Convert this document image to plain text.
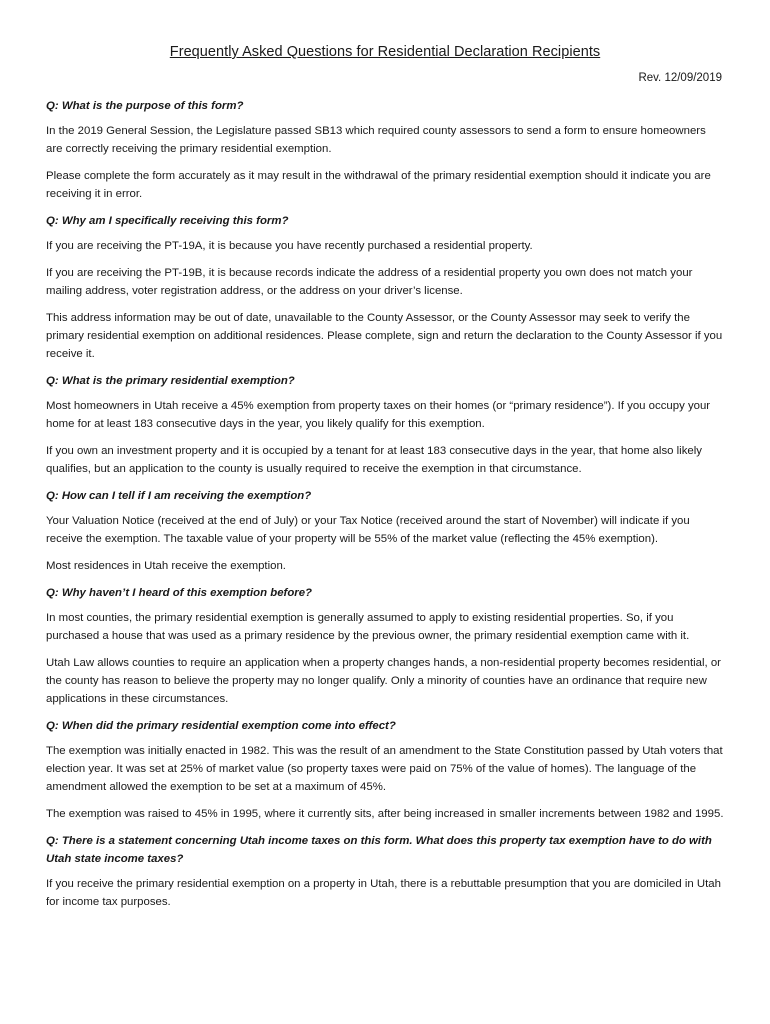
Frequently Asked Questions for Residential Declaration Recipients
Rev. 12/09/2019

Q: What is the purpose of this form?

In the 2019 General Session, the Legislature passed SB13 which required county assessors to send a form to ensure homeowners are correctly receiving the primary residential exemption.

Please complete the form accurately as it may result in the withdrawal of the primary residential exemption should it indicate you are receiving it in error.

Q: Why am I specifically receiving this form?

If you are receiving the PT-19A, it is because you have recently purchased a residential property.

If you are receiving the PT-19B, it is because records indicate the address of a residential property you own does not match your mailing address, voter registration address, or the address on your driver’s license.

This address information may be out of date, unavailable to the County Assessor, or the County Assessor may seek to verify the primary residential exemption on additional residences. Please complete, sign and return the declaration to the County Assessor if you receive it.

Q: What is the primary residential exemption?

Most homeowners in Utah receive a 45% exemption from property taxes on their homes (or “primary residence”). If you occupy your home for at least 183 consecutive days in the year, you likely qualify for this exemption.

If you own an investment property and it is occupied by a tenant for at least 183 consecutive days in the year, that home also likely qualifies, but an application to the county is usually required to receive the exemption in that circumstance.

Q: How can I tell if I am receiving the exemption?

Your Valuation Notice (received at the end of July) or your Tax Notice (received around the start of November) will indicate if you receive the exemption. The taxable value of your property will be 55% of the market value (reflecting the 45% exemption).

Most residences in Utah receive the exemption.

Q: Why haven’t I heard of this exemption before?

In most counties, the primary residential exemption is generally assumed to apply to existing residential properties. So, if you purchased a house that was used as a primary residence by the previous owner, the primary residential exemption came with it.

Utah Law allows counties to require an application when a property changes hands, a non-residential property becomes residential, or the county has reason to believe the property may no longer qualify. Only a minority of counties have an ordinance that require new applications in these circumstances.

Q: When did the primary residential exemption come into effect?

The exemption was initially enacted in 1982. This was the result of an amendment to the State Constitution passed by Utah voters that election year. It was set at 25% of market value (so property taxes were paid on 75% of the value of homes). The language of the amendment allowed the exemption to be set at a maximum of 45%.

The exemption was raised to 45% in 1995, where it currently sits, after being increased in smaller increments between 1982 and 1995.

Q: There is a statement concerning Utah income taxes on this form. What does this property tax exemption have to do with Utah state income taxes?

If you receive the primary residential exemption on a property in Utah, there is a rebuttable presumption that you are domiciled in Utah for income tax purposes.
